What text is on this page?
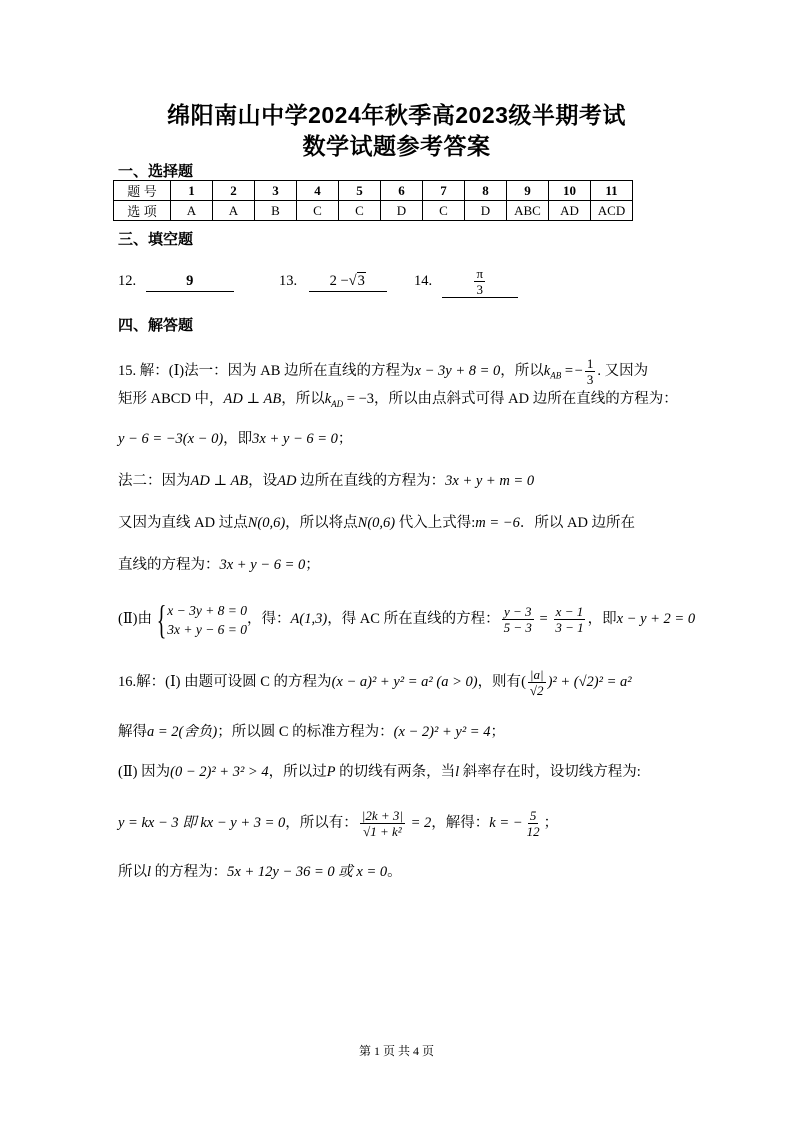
绵阳南山中学2024年秋季高2023级半期考试
数学试题参考答案
一、选择题
题 号	1	2	3	4	5	6	7	8	9	10	11
选 项	A	A	B	C	C	D	C	D	ABC	AD	ACD
三、填空题
12.	9	13. 2 −√3	14.	$\frac{\pi}{3}$
四、解答题
15. 解：(Ⅰ)法一：因为 AB 边所在直线的方程为x − 3y + 8 = 0，所以$k_{AB}$ = − $\frac{1}{3}$ . 又因为
矩形 ABCD 中，AD ⊥ AB，所以$k_{AD} = -3$，所以由点斜式可得 AD 边所在直线的方程为：
y − 6 = −3(x − 0)，即3x + y − 6 = 0；
法二：因为AD ⊥ AB，设AD 边所在直线的方程为：3x + y + m = 0
又因为直线 AD 过点N(0,6)，所以将点N(0,6) 代入上式得:m = −6．所以 AD 边所在
直线的方程为：3x + y − 6 = 0；
(Ⅱ)由 { x − 3y + 8 = 0
3x + y − 6 = 0
，得：A(1,3)，得 AC 所在直线的方程： $\frac{y - 3}{5 - 3} = \frac{x - 1}{3 - 1}$ ，即x − y + 2 = 0
16.解：(Ⅰ) 由题可设圆 C 的方程为(x − a)² + y² = a² (a > 0)，则有( $\frac{|a|}{√2} )^2 + (√2)^2 = a^2$
解得a = 2(舍负)；所以圆 C 的标准方程为：(x − 2)² + y² = 4；
(Ⅱ) 因为(0 − 2)² + 3² > 4，所以过P 的切线有两条，当l 斜率存在时，设切线方程为:
y = kx − 3 即 kx − y + 3 = 0，所以有： $\frac{|2k + 3|}{\text{√1 + k²}} = 2$，解得：k = − $\frac{5}{12}$ ；
所以l 的方程为：5x + 12y − 36 = 0 或 x = 0。
第 1 页 共 4 页
